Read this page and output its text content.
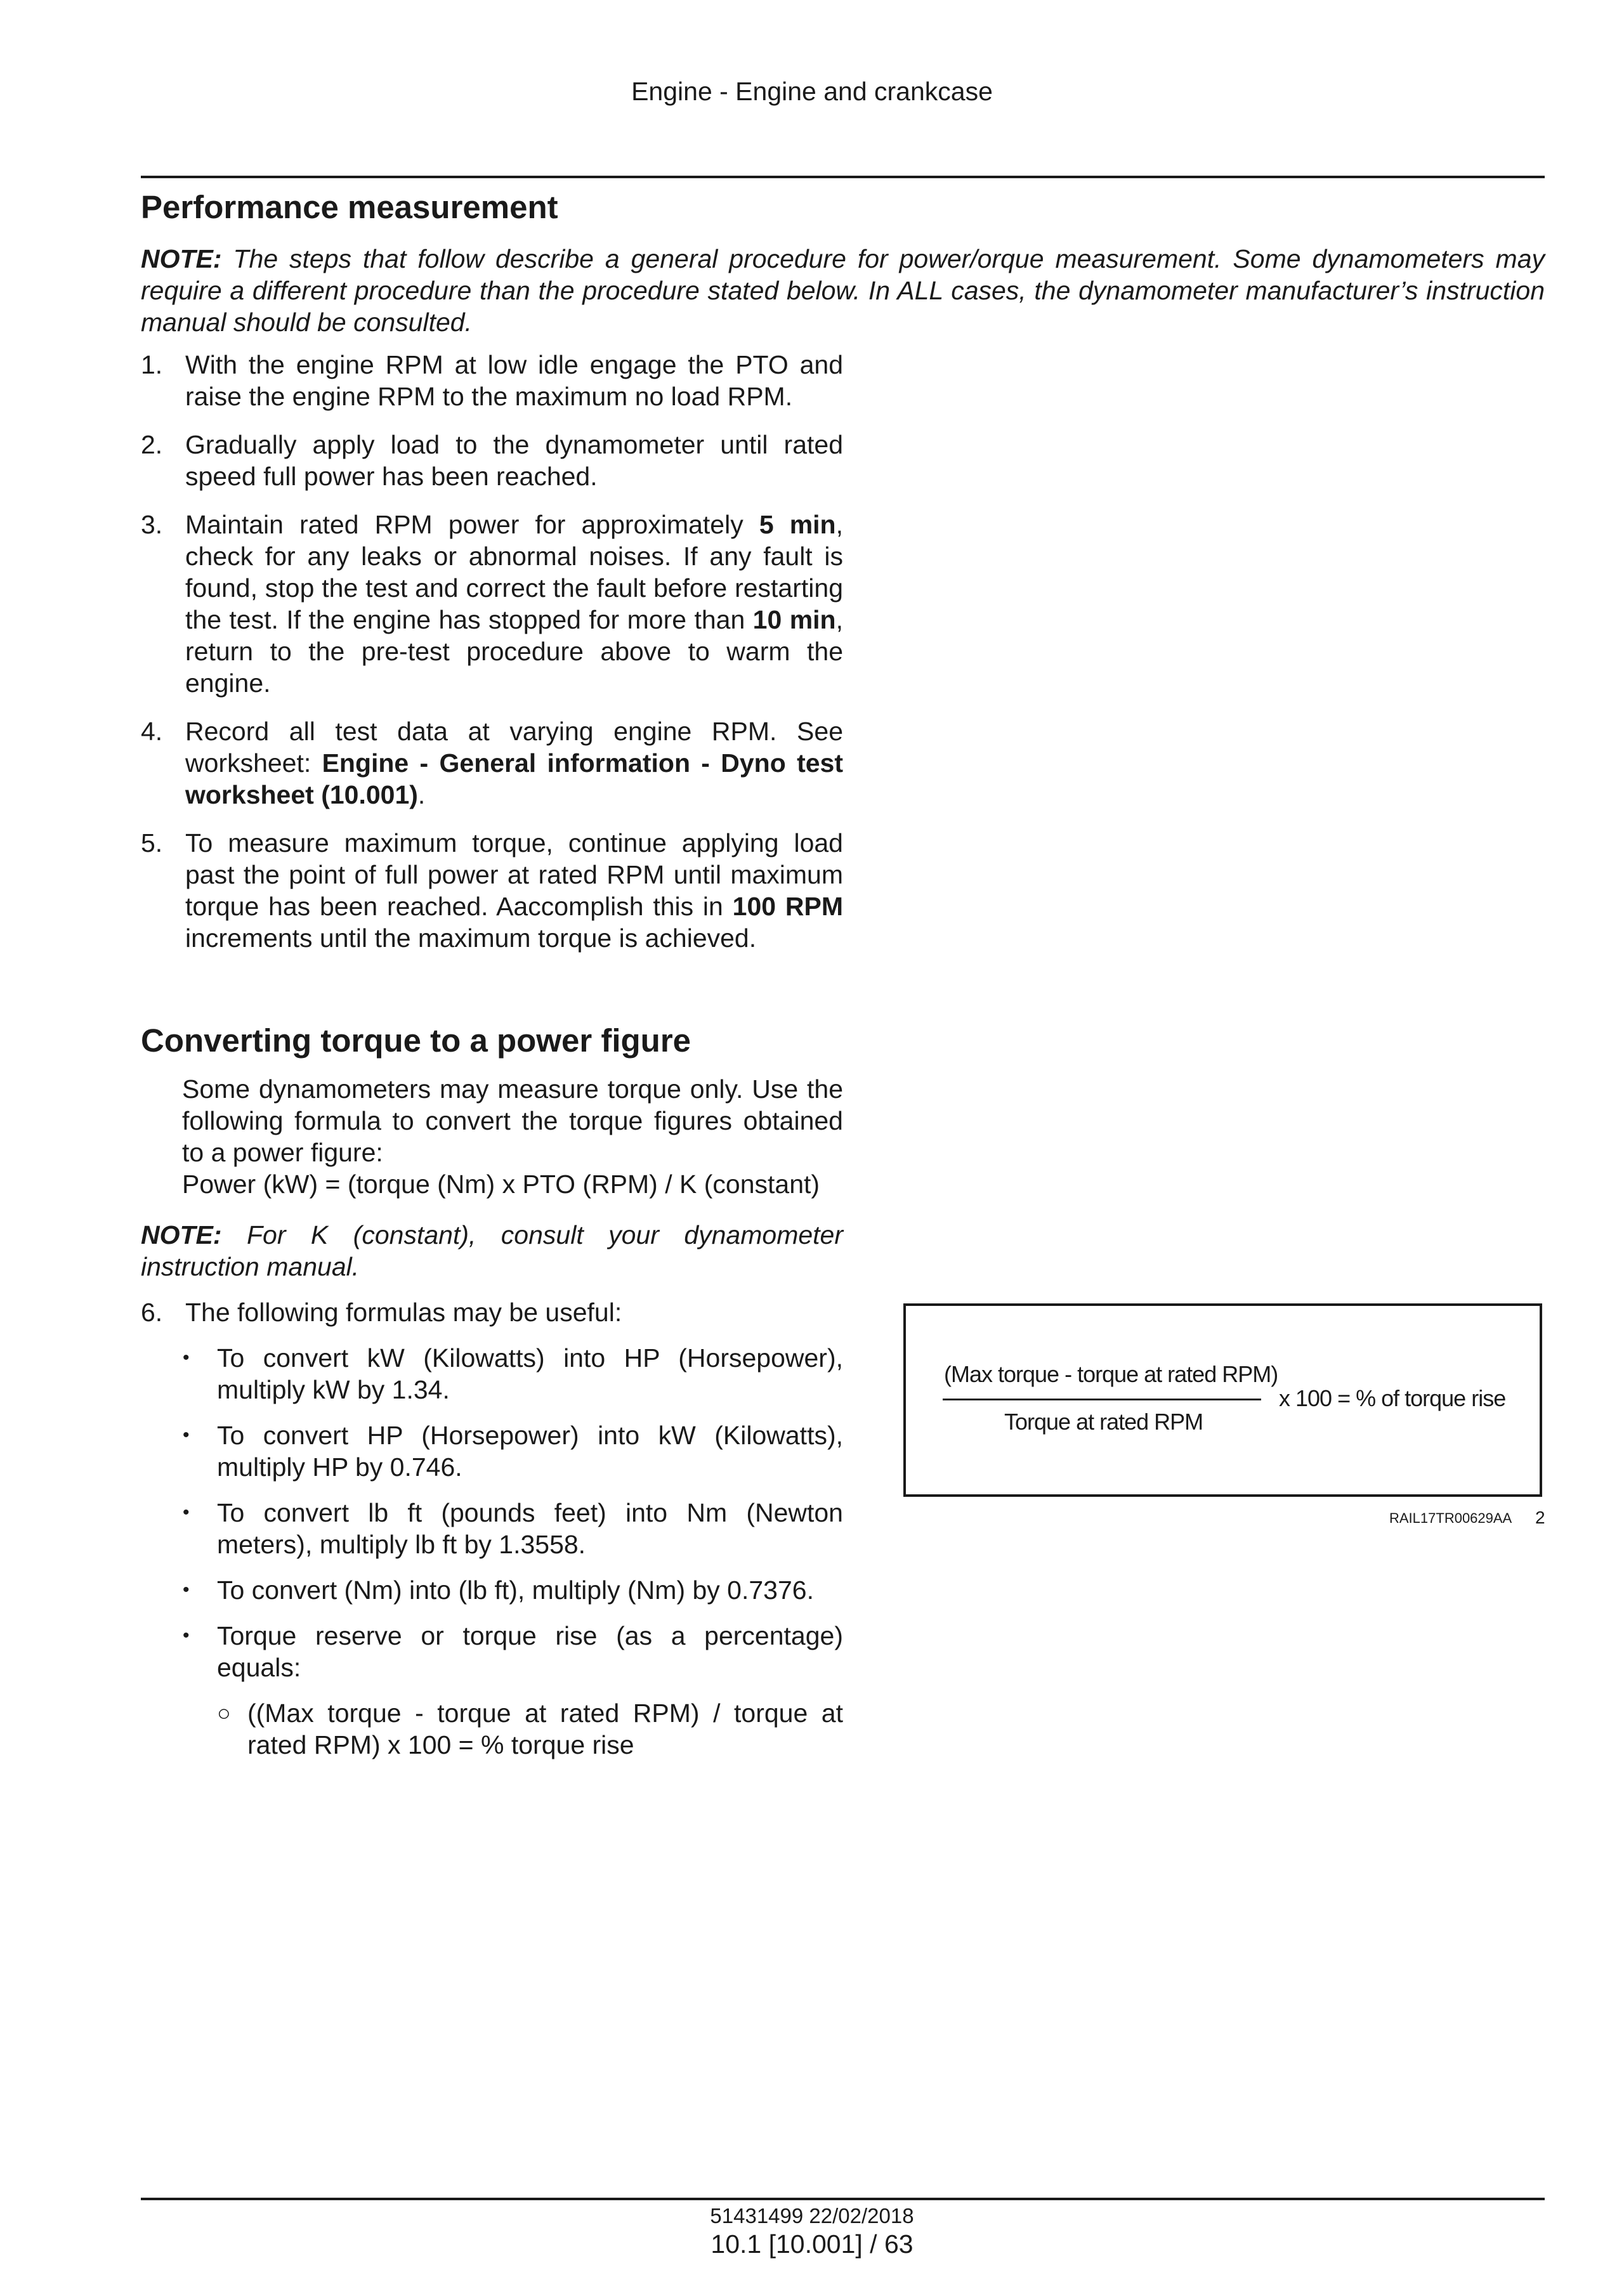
Engine - Engine and crankcase
Performance measurement
NOTE: The steps that follow describe a general procedure for power/orque measurement. Some dynamometers may require a different procedure than the procedure stated below. In ALL cases, the dynamometer manufacturer’s instruction manual should be consulted.
1. With the engine RPM at low idle engage the PTO and raise the engine RPM to the maximum no load RPM.
2. Gradually apply load to the dynamometer until rated speed full power has been reached.
3. Maintain rated RPM power for approximately 5 min, check for any leaks or abnormal noises. If any fault is found, stop the test and correct the fault before restarting the test. If the engine has stopped for more than 10 min, return to the pre-test procedure above to warm the engine.
4. Record all test data at varying engine RPM. See worksheet: Engine - General information - Dyno test worksheet (10.001).
5. To measure maximum torque, continue applying load past the point of full power at rated RPM until maximum torque has been reached. Aaccomplish this in 100 RPM increments until the maximum torque is achieved.
Converting torque to a power figure
Some dynamometers may measure torque only. Use the following formula to convert the torque figures obtained to a power figure:
Power (kW) = (torque (Nm) x PTO (RPM) / K (constant)
NOTE: For K (constant), consult your dynamometer instruction manual.
6. The following formulas may be useful:
• To convert kW (Kilowatts) into HP (Horsepower), multiply kW by 1.34.
• To convert HP (Horsepower) into kW (Kilowatts), multiply HP by 0.746.
• To convert lb ft (pounds feet) into Nm (Newton meters), multiply lb ft by 1.3558.
• To convert (Nm) into (lb ft), multiply (Nm) by 0.7376.
• Torque reserve or torque rise (as a percentage) equals:
○ ((Max torque - torque at rated RPM) / torque at rated RPM) x 100 = % torque rise
(Max torque - torque at rated RPM)
Torque at rated RPM
x 100 = % of torque rise
RAIL17TR00629AA 2
51431499 22/02/2018
10.1 [10.001] / 63
